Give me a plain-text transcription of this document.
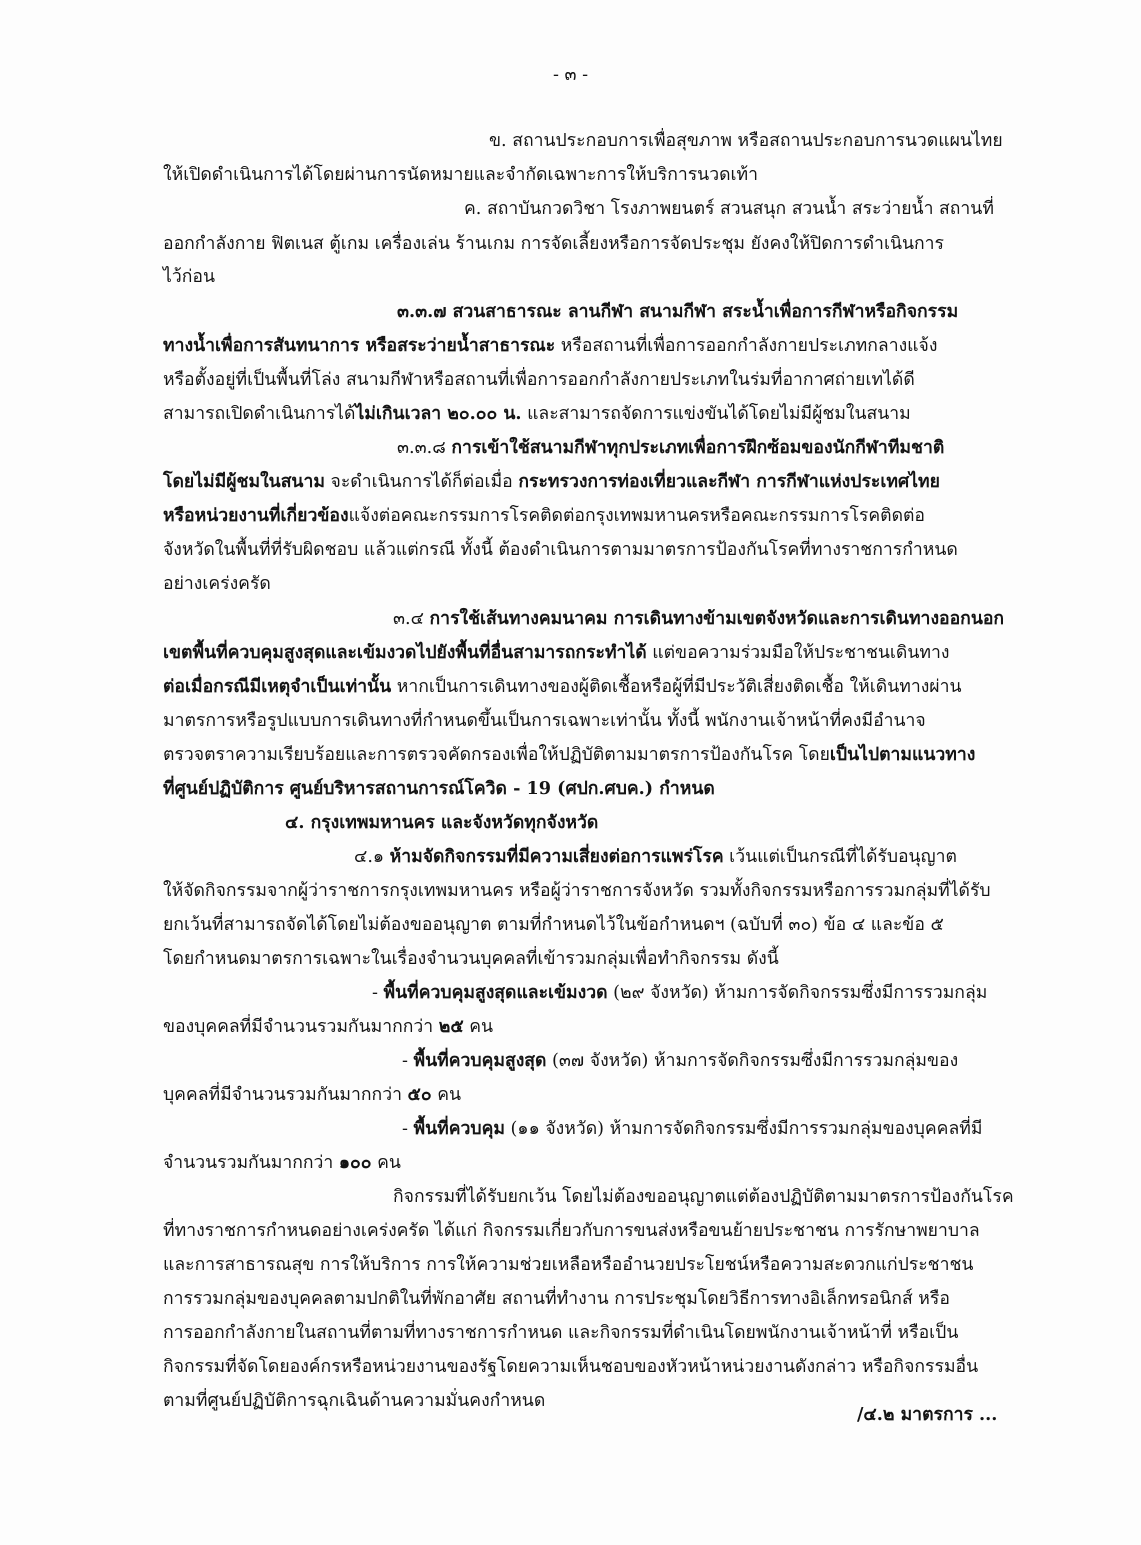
- ๓ -
ข. สถานประกอบการเพื่อสุขภาพ หรือสถานประกอบการนวดแผนไทย
ให้เปิดดำเนินการได้โดยผ่านการนัดหมายและจำกัดเฉพาะการให้บริการนวดเท้า
ค. สถาบันกวดวิชา โรงภาพยนตร์ สวนสนุก สวนน้ำ สระว่ายน้ำ สถานที่
ออกกำลังกาย ฟิตเนส ตู้เกม เครื่องเล่น ร้านเกม การจัดเลี้ยงหรือการจัดประชุม ยังคงให้ปิดการดำเนินการ
ไว้ก่อน
๓.๓.๗ สวนสาธารณะ ลานกีฬา สนามกีฬา สระน้ำเพื่อการกีฬาหรือกิจกรรม
ทางน้ำเพื่อการสันทนาการ หรือสระว่ายน้ำสาธารณะ หรือสถานที่เพื่อการออกกำลังกายประเภทกลางแจ้ง
หรือตั้งอยู่ที่เป็นพื้นที่โล่ง สนามกีฬาหรือสถานที่เพื่อการออกกำลังกายประเภทในร่มที่อากาศถ่ายเทได้ดี
สามารถเปิดดำเนินการได้ไม่เกินเวลา ๒๐.๐๐ น. และสามารถจัดการแข่งขันได้โดยไม่มีผู้ชมในสนาม
๓.๓.๘ การเข้าใช้สนามกีฬาทุกประเภทเพื่อการฝึกซ้อมของนักกีฬาทีมชาติ
โดยไม่มีผู้ชมในสนาม จะดำเนินการได้ก็ต่อเมื่อ กระทรวงการท่องเที่ยวและกีฬา การกีฬาแห่งประเทศไทย
หรือหน่วยงานที่เกี่ยวข้องแจ้งต่อคณะกรรมการโรคติดต่อกรุงเทพมหานครหรือคณะกรรมการโรคติดต่อ
จังหวัดในพื้นที่ที่รับผิดชอบ แล้วแต่กรณี ทั้งนี้ ต้องดำเนินการตามมาตรการป้องกันโรคที่ทางราชการกำหนด
อย่างเคร่งครัด
๓.๔ การใช้เส้นทางคมนาคม การเดินทางข้ามเขตจังหวัดและการเดินทางออกนอก
เขตพื้นที่ควบคุมสูงสุดและเข้มงวดไปยังพื้นที่อื่นสามารถกระทำได้ แต่ขอความร่วมมือให้ประชาชนเดินทาง
ต่อเมื่อกรณีมีเหตุจำเป็นเท่านั้น หากเป็นการเดินทางของผู้ติดเชื้อหรือผู้ที่มีประวัติเสี่ยงติดเชื้อ ให้เดินทางผ่าน
มาตรการหรือรูปแบบการเดินทางที่กำหนดขึ้นเป็นการเฉพาะเท่านั้น ทั้งนี้ พนักงานเจ้าหน้าที่คงมีอำนาจ
ตรวจตราความเรียบร้อยและการตรวจคัดกรองเพื่อให้ปฏิบัติตามมาตรการป้องกันโรค โดยเป็นไปตามแนวทาง
ที่ศูนย์ปฏิบัติการ ศูนย์บริหารสถานการณ์โควิด - 19 (ศปก.ศบค.) กำหนด
๔. กรุงเทพมหานคร และจังหวัดทุกจังหวัด
๔.๑ ห้ามจัดกิจกรรมที่มีความเสี่ยงต่อการแพร่โรค เว้นแต่เป็นกรณีที่ได้รับอนุญาต
ให้จัดกิจกรรมจากผู้ว่าราชการกรุงเทพมหานคร หรือผู้ว่าราชการจังหวัด รวมทั้งกิจกรรมหรือการรวมกลุ่มที่ได้รับ
ยกเว้นที่สามารถจัดได้โดยไม่ต้องขออนุญาต ตามที่กำหนดไว้ในข้อกำหนดฯ (ฉบับที่ ๓๐) ข้อ ๔ และข้อ ๕
โดยกำหนดมาตรการเฉพาะในเรื่องจำนวนบุคคลที่เข้ารวมกลุ่มเพื่อทำกิจกรรม ดังนี้
- พื้นที่ควบคุมสูงสุดและเข้มงวด (๒๙ จังหวัด) ห้ามการจัดกิจกรรมซึ่งมีการรวมกลุ่ม
ของบุคคลที่มีจำนวนรวมกันมากกว่า ๒๕ คน
- พื้นที่ควบคุมสูงสุด (๓๗ จังหวัด) ห้ามการจัดกิจกรรมซึ่งมีการรวมกลุ่มของ
บุคคลที่มีจำนวนรวมกันมากกว่า ๕๐ คน
- พื้นที่ควบคุม (๑๑ จังหวัด) ห้ามการจัดกิจกรรมซึ่งมีการรวมกลุ่มของบุคคลที่มี
จำนวนรวมกันมากกว่า ๑๐๐ คน
กิจกรรมที่ได้รับยกเว้น โดยไม่ต้องขออนุญาตแต่ต้องปฏิบัติตามมาตรการป้องกันโรค
ที่ทางราชการกำหนดอย่างเคร่งครัด ได้แก่ กิจกรรมเกี่ยวกับการขนส่งหรือขนย้ายประชาชน การรักษาพยาบาล
และการสาธารณสุข การให้บริการ การให้ความช่วยเหลือหรืออำนวยประโยชน์หรือความสะดวกแก่ประชาชน
การรวมกลุ่มของบุคคลตามปกติในที่พักอาศัย สถานที่ทำงาน การประชุมโดยวิธีการทางอิเล็กทรอนิกส์ หรือ
การออกกำลังกายในสถานที่ตามที่ทางราชการกำหนด และกิจกรรมที่ดำเนินโดยพนักงานเจ้าหน้าที่ หรือเป็น
กิจกรรมที่จัดโดยองค์กรหรือหน่วยงานของรัฐโดยความเห็นชอบของหัวหน้าหน่วยงานดังกล่าว หรือกิจกรรมอื่น
ตามที่ศูนย์ปฏิบัติการฉุกเฉินด้านความมั่นคงกำหนด
/๔.๒ มาตรการ ...
